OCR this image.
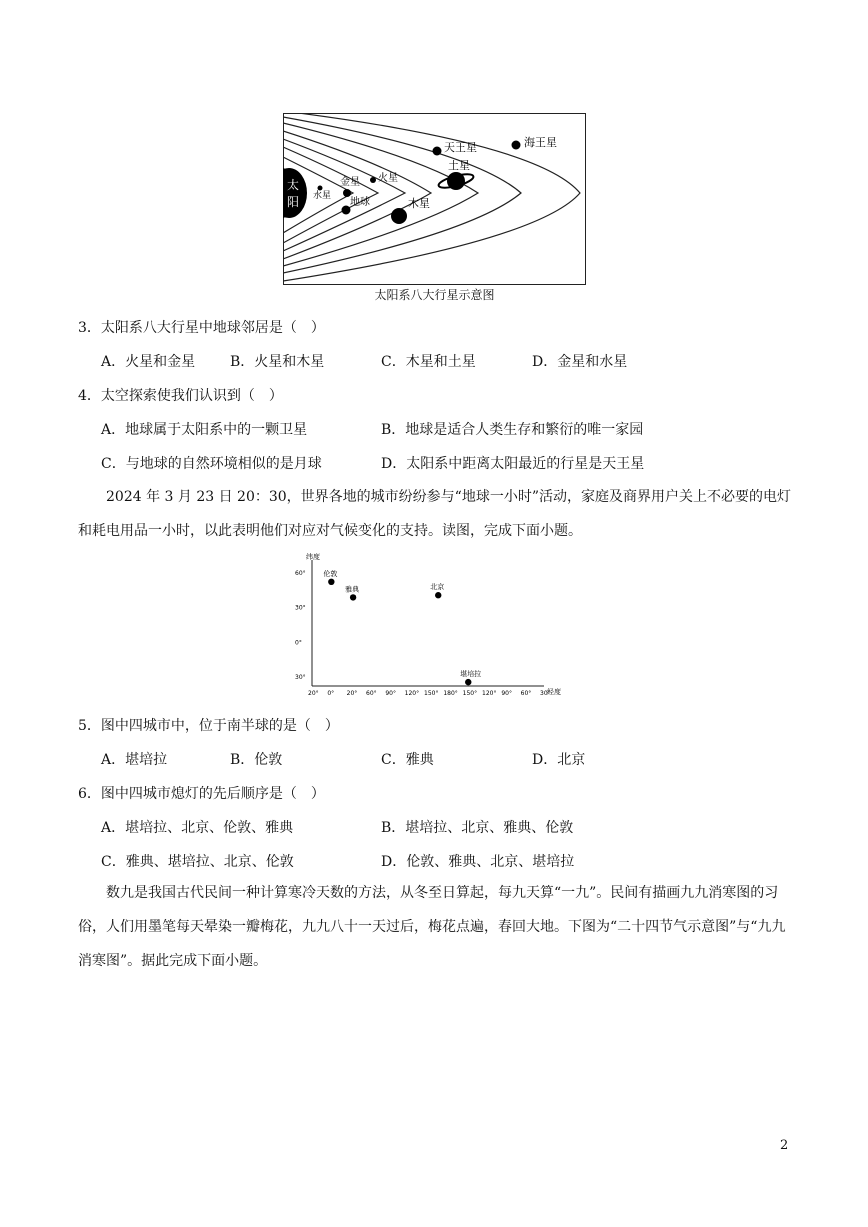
太
阳 水星
金星
地球
火星
木星
土星
天王星	海王星
太阳系八大行星示意图
3．太阳系八大行星中地球邻居是（　）
A．火星和金星 B．火星和木星	C．木星和土星	D．金星和水星
4．太空探索使我们认识到（　）
A．地球属于太阳系中的一颗卫星	B．地球是适合人类生存和繁衍的唯一家园
C．与地球的自然环境相似的是月球	D．太阳系中距离太阳最近的行星是天王星
2024 年 3 月 23 日 20：30，世界各地的城市纷纷参与“地球一小时”活动，家庭及商界用户关上不必要的电灯和耗电用品一小时，以此表明他们对应对气候变化的支持。读图，完成下面小题。
纬度
经度
20° 0° 20° 60° 90° 120° 150° 180° 150° 120° 90° 60° 30°
60°
30°
0°
30°
伦敦
雅典	北京
堪培拉
5．图中四城市中，位于南半球的是（　）
A．堪培拉	B．伦敦	C．雅典	D．北京
6．图中四城市熄灯的先后顺序是（　）
A．堪培拉、北京、伦敦、雅典	B．堪培拉、北京、雅典、伦敦
C．雅典、堪培拉、北京、伦敦	D．伦敦、雅典、北京、堪培拉
数九是我国古代民间一种计算寒冷天数的方法，从冬至日算起，每九天算“一九”。民间有描画九九消寒图的习俗，人们用墨笔每天晕染一瓣梅花，九九八十一天过后，梅花点遍，春回大地。下图为“二十四节气示意图”与“九九消寒图”。据此完成下面小题。
2
